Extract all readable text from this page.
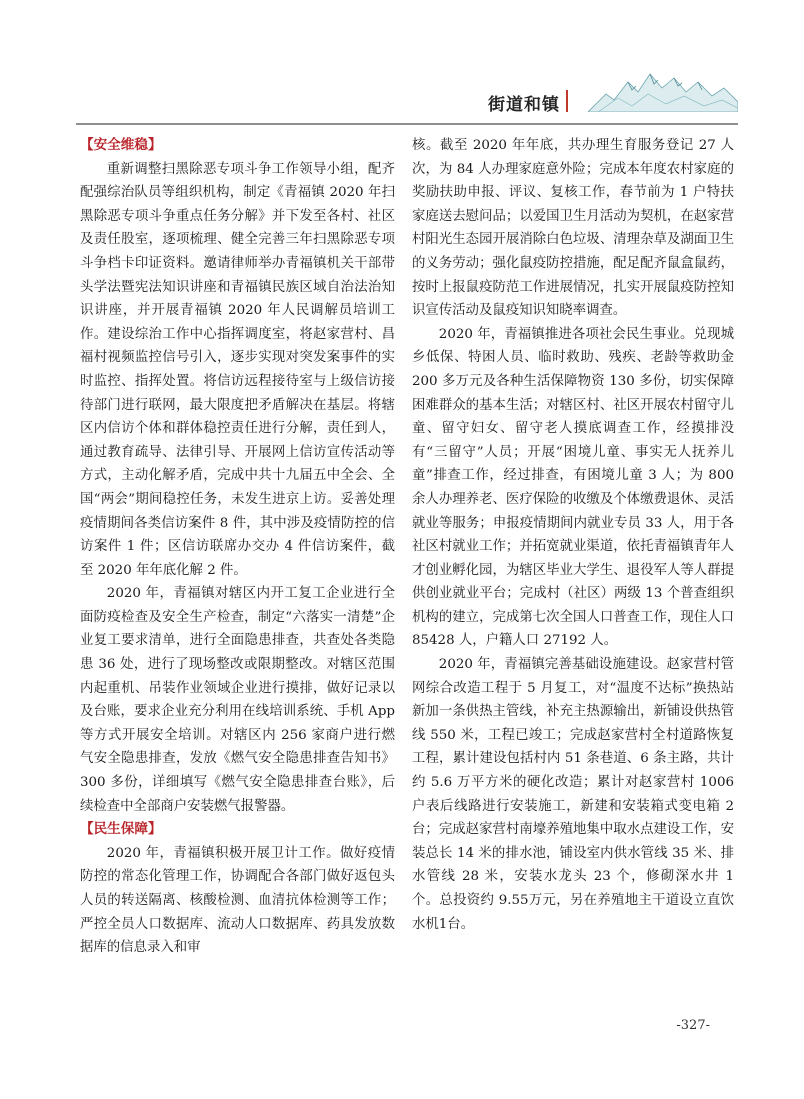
街道和镇
【安全维稳】

重新调整扫黑除恶专项斗争工作领导小组，配齐配强综治队员等组织机构，制定《青福镇 2020 年扫黑除恶专项斗争重点任务分解》并下发至各村、社区及责任股室，逐项梳理、健全完善三年扫黑除恶专项斗争档卡印证资料。邀请律师举办青福镇机关干部带头学法暨宪法知识讲座和青福镇民族区域自治法治知识讲座，并开展青福镇 2020 年人民调解员培训工作。建设综治工作中心指挥调度室，将赵家营村、昌福村视频监控信号引入，逐步实现对突发案事件的实时监控、指挥处置。将信访远程接待室与上级信访接待部门进行联网，最大限度把矛盾解决在基层。将辖区内信访个体和群体稳控责任进行分解，责任到人，通过教育疏导、法律引导、开展网上信访宣传活动等方式，主动化解矛盾，完成中共十九届五中全会、全国“两会”期间稳控任务，未发生进京上访。妥善处理疫情期间各类信访案件 8 件，其中涉及疫情防控的信访案件 1 件；区信访联席办交办 4 件信访案件，截至 2020 年年底化解 2 件。

2020 年，青福镇对辖区内开工复工企业进行全面防疫检查及安全生产检查，制定“六落实一清楚”企业复工要求清单，进行全面隐患排查，共查处各类隐患 36 处，进行了现场整改或限期整改。对辖区范围内起重机、吊装作业领域企业进行摸排，做好记录以及台账，要求企业充分利用在线培训系统、手机 App 等方式开展安全培训。对辖区内 256 家商户进行燃气安全隐患排查，发放《燃气安全隐患排查告知书》300 多份，详细填写《燃气安全隐患排查台账》，后续检查中全部商户安装燃气报警器。

【民生保障】

2020 年，青福镇积极开展卫计工作。做好疫情防控的常态化管理工作，协调配合各部门做好返包头人员的转送隔离、核酸检测、血清抗体检测等工作；严控全员人口数据库、流动人口数据库、药具发放数据库的信息录入和审

核。截至 2020 年年底，共办理生育服务登记 27 人次，为 84 人办理家庭意外险；完成本年度农村家庭的奖励扶助申报、评议、复核工作，春节前为 1 户特扶家庭送去慰问品；以爱国卫生月活动为契机，在赵家营村阳光生态园开展消除白色垃圾、清理杂草及湖面卫生的义务劳动；强化鼠疫防控措施，配足配齐鼠盒鼠药，按时上报鼠疫防范工作进展情况，扎实开展鼠疫防控知识宣传活动及鼠疫知识知晓率调查。

2020 年，青福镇推进各项社会民生事业。兑现城乡低保、特困人员、临时救助、残疾、老龄等救助金 200 多万元及各种生活保障物资 130 多份，切实保障困难群众的基本生活；对辖区村、社区开展农村留守儿童、留守妇女、留守老人摸底调查工作，经摸排没有“三留守”人员；开展“困境儿童、事实无人抚养儿童”排查工作，经过排查，有困境儿童 3 人；为 800 余人办理养老、医疗保险的收缴及个体缴费退休、灵活就业等服务；申报疫情期间内就业专员 33 人，用于各社区村就业工作；并拓宽就业渠道，依托青福镇青年人才创业孵化园，为辖区毕业大学生、退役军人等人群提供创业就业平台；完成村（社区）两级 13 个普查组织机构的建立，完成第七次全国人口普查工作，现住人口 85428 人，户籍人口 27192 人。

2020 年，青福镇完善基础设施建设。赵家营村管网综合改造工程于 5 月复工，对“温度不达标”换热站新加一条供热主管线，补充主热源输出，新铺设供热管线 550 米，工程已竣工；完成赵家营村全村道路恢复工程，累计建设包括村内 51 条巷道、6 条主路，共计约 5.6 万平方米的硬化改造；累计对赵家营村 1006 户表后线路进行安装施工，新建和安装箱式变电箱 2 台；完成赵家营村南壕养殖地集中取水点建设工作，安装总长 14 米的排水池，铺设室内供水管线 35 米、排水管线 28 米，安装水龙头 23 个，修砌深水井 1 个。总投资约 9.55万元，另在养殖地主干道设立直饮水机1台。

-327-
